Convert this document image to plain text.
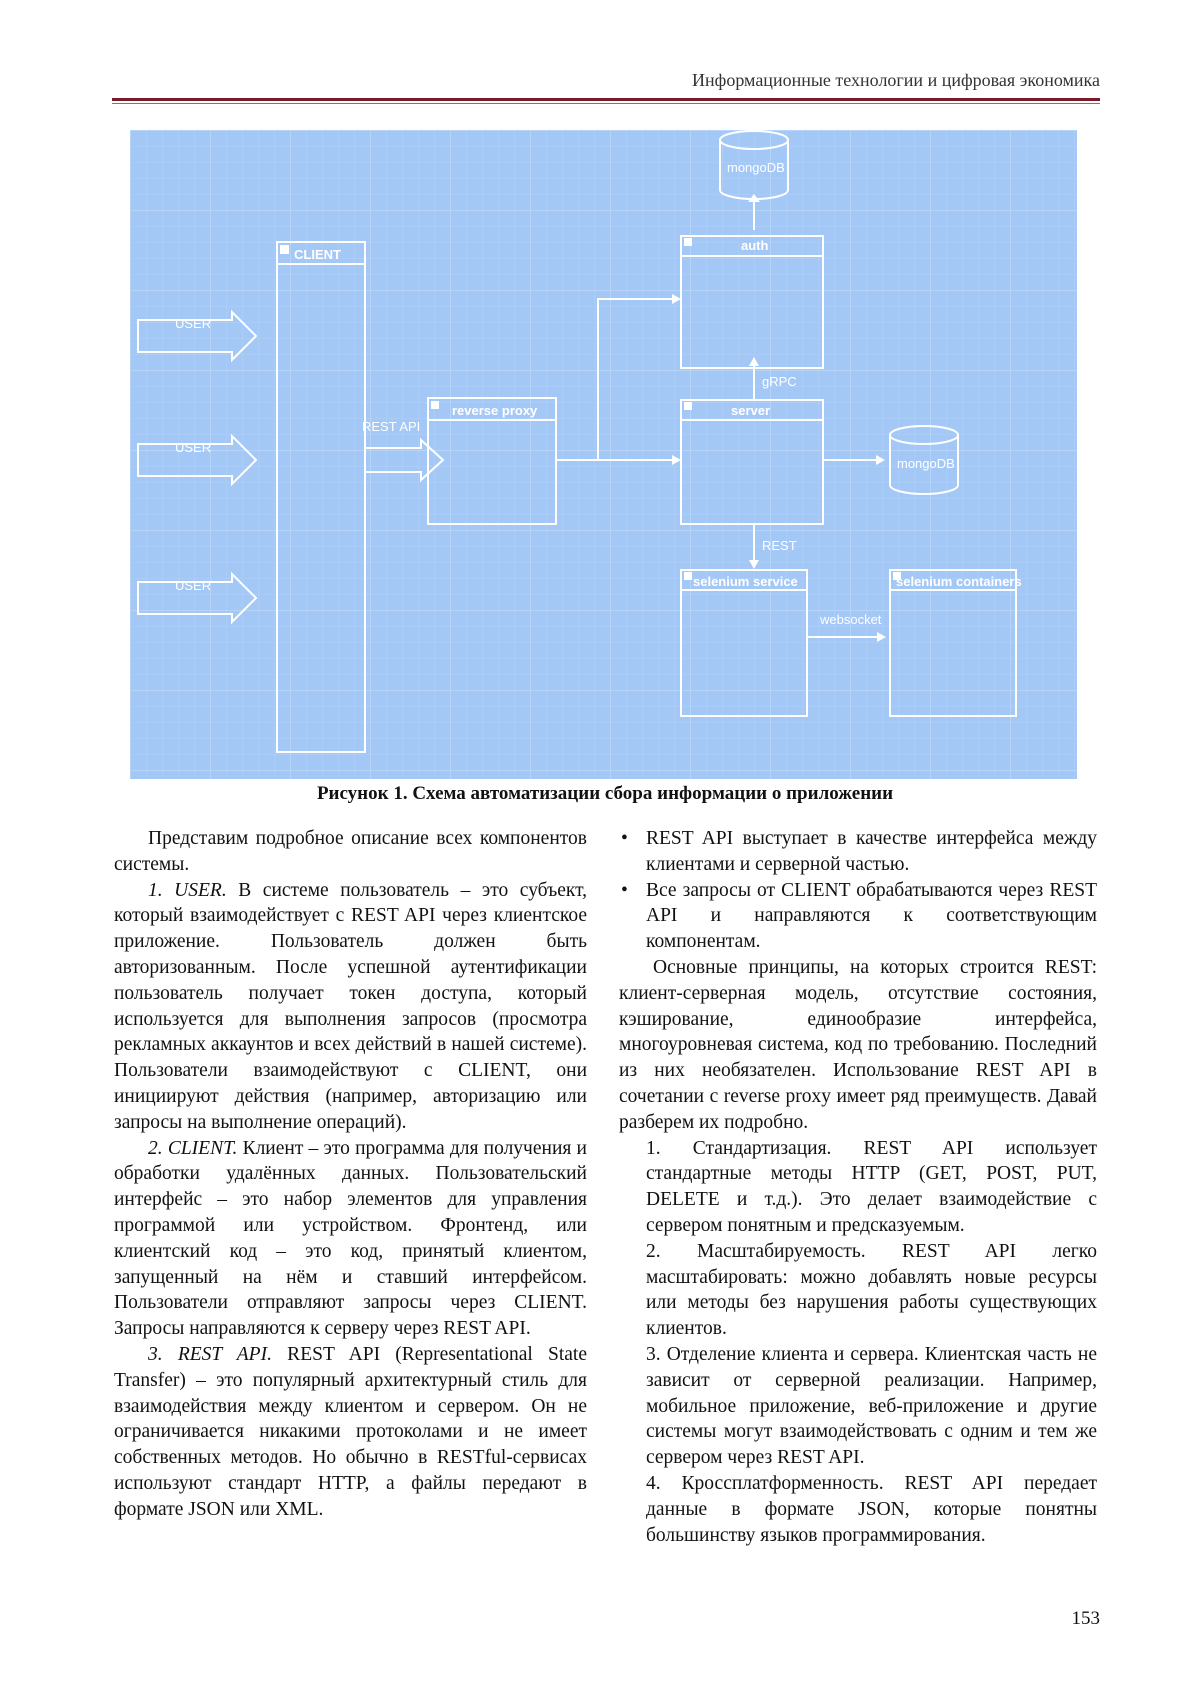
Информационные технологии и цифровая экономика
mongoDB
auth
CLIENT
USER
USER
USER
REST API
reverse proxy	server
gRPC
mongoDB
REST
selenium service
websocket
selenium containers
Рисунок 1. Схема автоматизации сбора информации о приложении

Представим подробное описание всех компонентов системы.

1. USER. В системе пользователь – это субъект, который взаимодействует с REST API через клиентское приложение. Пользователь должен быть авторизованным. После успешной аутентификации пользователь получает токен доступа, который используется для выполнения запросов (просмотра рекламных аккаунтов и всех действий в нашей системе). Пользователи взаимодействуют с CLIENT, они инициируют действия (например, авторизацию или запросы на выполнение операций).

2. CLIENT. Клиент – это программа для получения и обработки удалённых данных. Пользовательский интерфейс – это набор элементов для управления программой или устройством. Фронтенд, или клиентский код – это код, принятый клиентом, запущенный на нём и ставший интерфейсом. Пользователи отправляют запросы через CLIENT. Запросы направляются к серверу через REST API.

3. REST API. REST API (Representational State Transfer) – это популярный архитектурный стиль для взаимодействия между клиентом и сервером. Он не ограничивается никакими протоколами и не имеет собственных методов. Но обычно в RESTful-сервисах используют стандарт HTTP, а файлы передают в формате JSON или XML.

• REST API выступает в качестве интерфейса между клиентами и серверной частью.

• Все запросы от CLIENT обрабатываются через REST API и направляются к соответствующим компонентам.

Основные принципы, на которых строится REST: клиент-серверная модель, отсутствие состояния, кэширование, единообразие интерфейса, многоуровневая система, код по требованию. Последний из них необязателен. Использование REST API в сочетании с reverse proxy имеет ряд преимуществ. Давай разберем их подробно.

1. Стандартизация. REST API использует стандартные методы HTTP (GET, POST, PUT, DELETE и т.д.). Это делает взаимодействие с сервером понятным и предсказуемым.

2. Масштабируемость. REST API легко масштабировать: можно добавлять новые ресурсы или методы без нарушения работы существующих клиентов.

3. Отделение клиента и сервера. Клиентская часть не зависит от серверной реализации. Например, мобильное приложение, веб-приложение и другие системы могут взаимодействовать с одним и тем же сервером через REST API.

4. Кроссплатформенность. REST API передает данные в формате JSON, которые понятны большинству языков программирования.

153
